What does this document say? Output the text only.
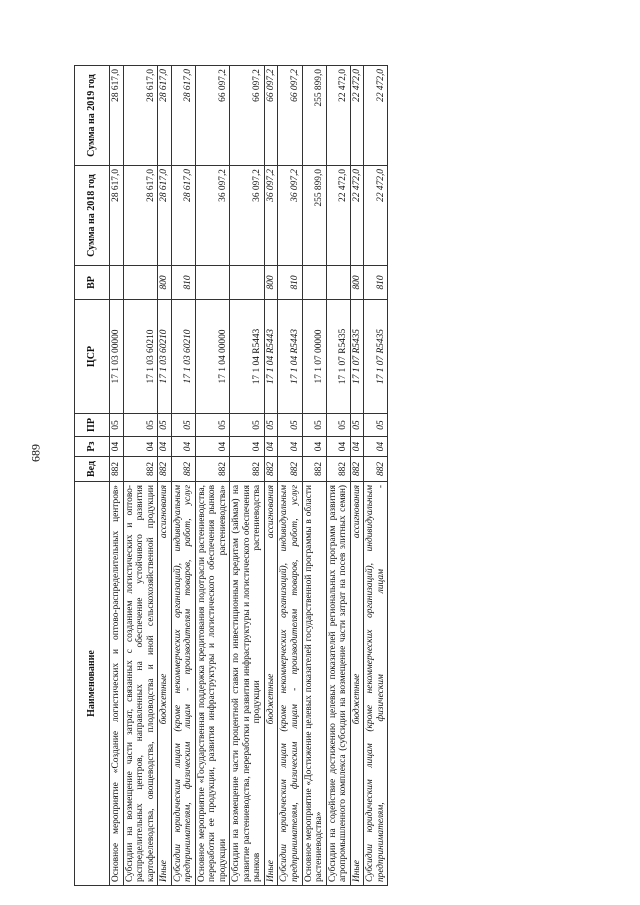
689
Наименование	Вед	Рз	ПР	ЦСР	ВР	Сумма на 2018 год	Сумма на 2019 год
Основное мероприятие «Создание логистических и оптово-распределительных центров»	882	04	05	17 1 03 00000		28 617,0	28 617,0
Субсидии на возмещение части затрат, связанных с созданием логистических и оптово-распределительных центров, направленных на обеспечение устойчивого развития картофелеводства, овощеводства, плодоводства и иной сельскохозяйственной продукции	882	04	05	17 1 03 60210		28 617,0	28 617,0
Иные бюджетные ассигнования	882	04	05	17 1 03 60210	800	28 617,0	28 617,0
Субсидии юридическим лицам (кроме некоммерческих организаций), индивидуальным предпринимателям, физическим лицам - производителям товаров, работ, услуг	882	04	05	17 1 03 60210	810	28 617,0	28 617,0
Основное мероприятие «Государственная поддержка кредитования подотрасли растениеводства, переработки ее продукции, развития инфраструктуры и логистического обеспечения рынков продукции растениеводства»	882	04	05	17 1 04 00000		36 097,2	66 097,2
Субсидии на возмещение части процентной ставки по инвестиционным кредитам (займам) на развитие растениеводства, переработки и развития инфраструктуры и логистического обеспечения рынков продукции растениеводства	882	04	05	17 1 04 R5443		36 097,2	66 097,2
Иные бюджетные ассигнования	882	04	05	17 1 04 R5443	800	36 097,2	66 097,2
Субсидии юридическим лицам (кроме некоммерческих организаций), индивидуальным предпринимателям, физическим лицам - производителям товаров, работ, услуг	882	04	05	17 1 04 R5443	810	36 097,2	66 097,2
Основное мероприятие «Достижение целевых показателей государственной программы в области растениеводства»	882	04	05	17 1 07 00000		255 899,0	255 899,0
Субсидии на содействие достижению целевых показателей региональных программ развития агропромышленного комплекса (субсидии на возмещение части затрат на посев элитных семян)	882	04	05	17 1 07 R5435		22 472,0	22 472,0
Иные бюджетные ассигнования	882	04	05	17 1 07 R5435	800	22 472,0	22 472,0
Субсидии юридическим лицам (кроме некоммерческих организаций), индивидуальным предпринимателям, физическим лицам -	882	04	05	17 1 07 R5435	810	22 472,0	22 472,0
